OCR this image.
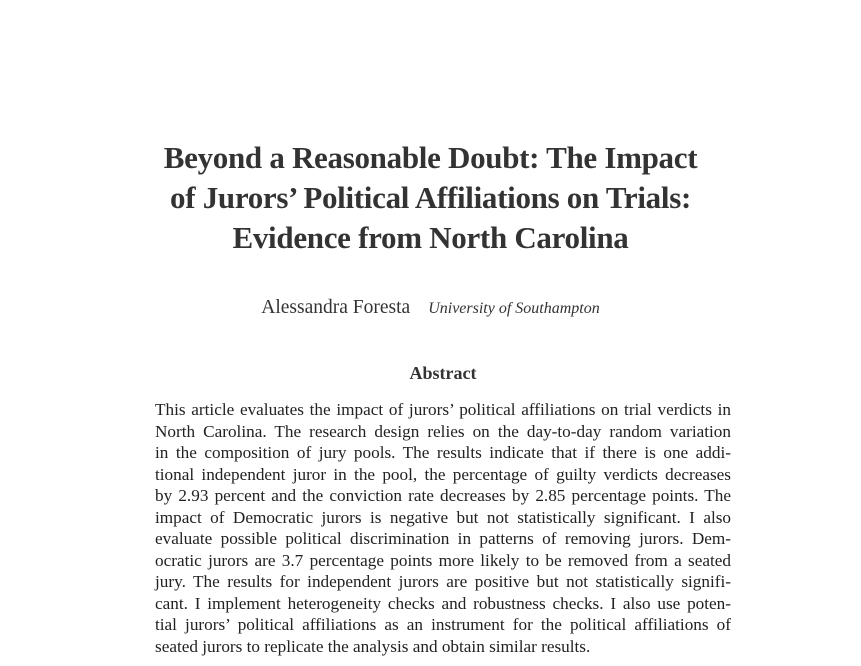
Beyond a Reasonable Doubt: The Impact
of Jurors’ Political Affiliations on Trials:
Evidence from North Carolina
Alessandra Foresta University of Southampton
Abstract
This article evaluates the impact of jurors’ political affiliations on trial verdicts in
North Carolina. The research design relies on the day-to-day random variation
in the composition of jury pools. The results indicate that if there is one addi-
tional independent juror in the pool, the percentage of guilty verdicts decreases
by 2.93 percent and the conviction rate decreases by 2.85 percentage points. The
impact of Democratic jurors is negative but not statistically significant. I also
evaluate possible political discrimination in patterns of removing jurors. Dem-
ocratic jurors are 3.7 percentage points more likely to be removed from a seated
jury. The results for independent jurors are positive but not statistically signifi-
cant. I implement heterogeneity checks and robustness checks. I also use poten-
tial jurors’ political affiliations as an instrument for the political affiliations of
seated jurors to replicate the analysis and obtain similar results.
